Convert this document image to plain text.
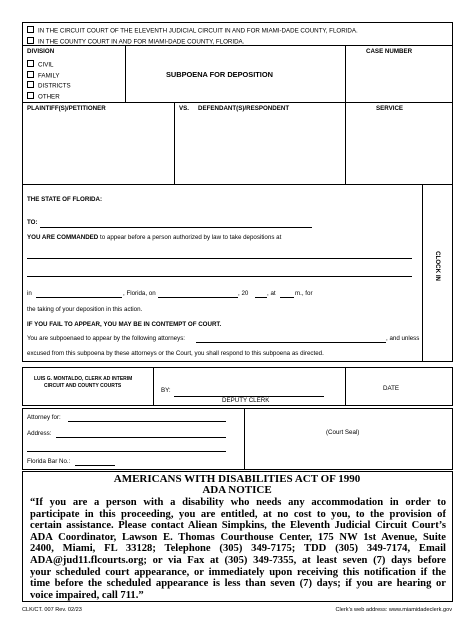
IN THE CIRCUIT COURT OF THE ELEVENTH JUDICIAL CIRCUIT IN AND FOR MIAMI-DADE COUNTY, FLORIDA.
IN THE COUNTY COURT IN AND FOR MIAMI-DADE COUNTY, FLORIDA.
DIVISION
CIVIL
FAMILY
DISTRICTS
OTHER
SUBPOENA FOR DEPOSITION
CASE NUMBER
PLAINTIFF(S)/PETITIONER	VS. DEFENDANT(S)/RESPONDENT	SERVICE
CLOCK IN
THE STATE OF FLORIDA:
TO:
YOU ARE COMMANDED to appear before a person authorized by law to take depositions at
in	, Florida, on	, 20	, at	m., for
the taking of your deposition in this action.
IF YOU FAIL TO APPEAR, YOU MAY BE IN CONTEMPT OF COURT.
You are subpoenaed to appear by the following attorneys:	, and unless
excused from this subpoena by these attorneys or the Court, you shall respond to this subpoena as directed.
LUIS G. MONTALDO, CLERK AD INTERIM
CIRCUIT AND COUNTY COURTS
BY:
DEPUTY CLERK
DATE
Attorney for:
Address:
Florida Bar No.:
(Court Seal)
AMERICANS WITH DISABILITIES ACT OF 1990
ADA NOTICE
“If you are a person with a disability who needs any accommodation in order to
participate in this proceeding, you are entitled, at no cost to you, to the provision of
certain assistance. Please contact Aliean Simpkins, the Eleventh Judicial Circuit Court’s
ADA Coordinator, Lawson E. Thomas Courthouse Center, 175 NW 1st Avenue, Suite
2400, Miami, FL 33128; Telephone (305) 349-7175; TDD (305) 349-7174, Email
ADA@jud11.flcourts.org; or via Fax at (305) 349-7355, at least seven (7) days before
your scheduled court appearance, or immediately upon receiving this notification if the
time before the scheduled appearance is less than seven (7) days; if you are hearing or
voice impaired, call 711.”
CLK/CT. 007 Rev. 02/23	Clerk’s web address: www.miamidadeclerk.gov
